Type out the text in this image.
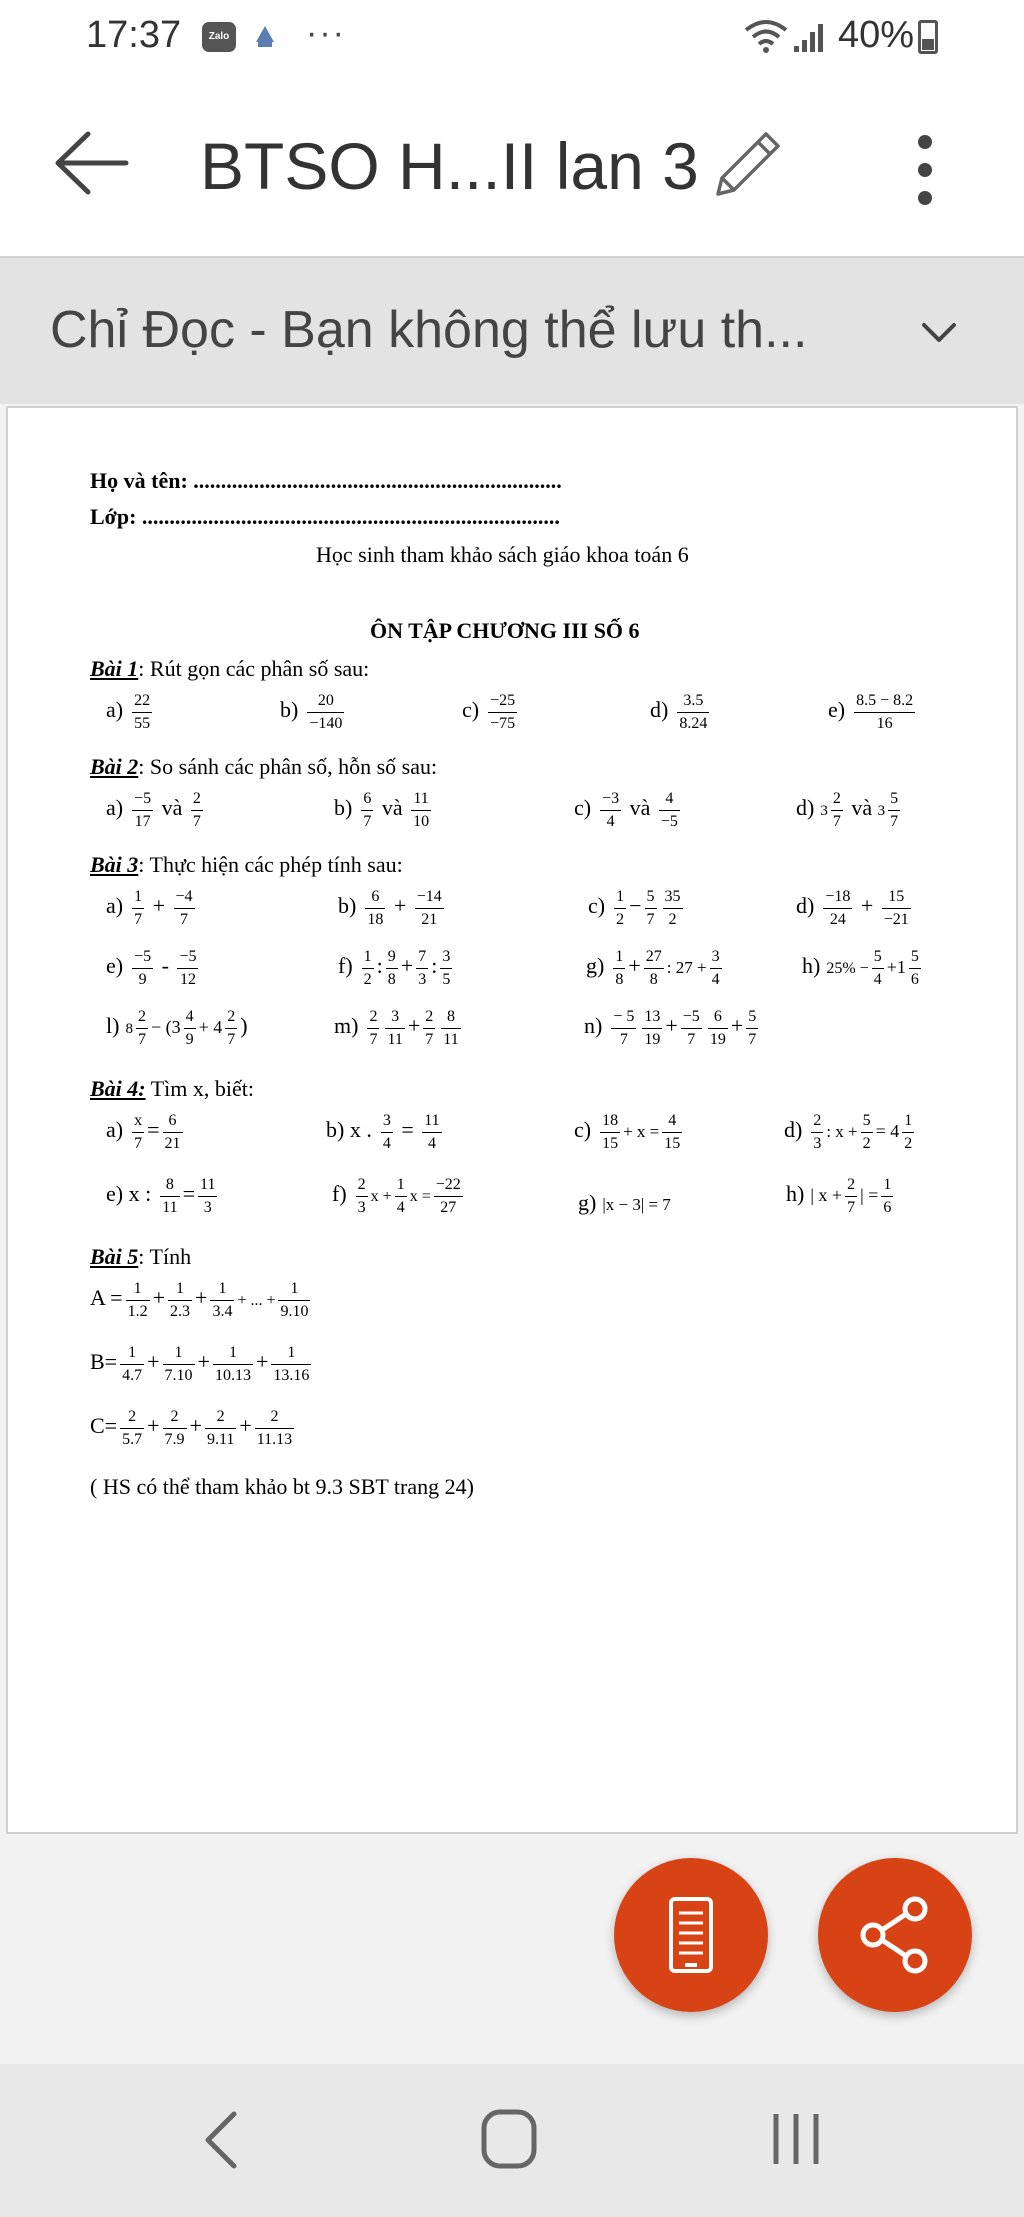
17:37	Zalo ···	40%
BTSO H...II lan 3
Chỉ Đọc - Bạn không thể lưu th...
Họ và tên: ...................................................................
Lớp: ............................................................................
Học sinh tham khảo sách giáo khoa toán 6
ÔN TẬP CHƯƠNG III SỐ 6
Bài 1: Rút gọn các phân số sau:
$a) \frac{22}{55}$	$b) \frac{20}{-140}$	$c) \frac{-25}{-75}$	$d) \frac{3.5}{8.24}$	$e) \frac{8.5 - 8.2}{16}$
Bài 2: So sánh các phân số, hỗn số sau:
$a) \frac{-5}{17}$ và $\frac{2}{7}$	$b) \frac{6}{7}$ và $\frac{11}{10}$	$c) \frac{-3}{4}$ và $\frac{4}{-5}$	d) $3 \frac{2}{7}$ và $3 \frac{5}{7}$
Bài 3: Thực hiện các phép tính sau:
$a) \frac{1}{7} + \frac{-4}{7}$	$b) \frac{6}{18} + \frac{-14}{21}$	$c) \frac{1}{2} - \frac{5}{7} \frac{35}{2}$	$d) \frac{-18}{24} + \frac{15}{-21}$
$e) \frac{-5}{9} - \frac{-5}{12}$	$f) \frac{1}{2}$ : $\frac{9}{8} + \frac{7}{3}$ : $\frac{3}{5}$	$g) \frac{1}{8} + \frac{27}{8}$ : $27 + \frac{3}{4}$	h) $25\% - \frac{5}{4} +1 \frac{5}{6}$
l) $8 \frac{2}{7} - (3 \frac{4}{9} + 4 \frac{2}{7}$ )	$m) \frac{2}{7} \frac{3}{11} + \frac{2}{7} \frac{8}{11}$	$n) \frac{- 5}{7} \frac{13}{19} + \frac{-5}{7} \frac{6}{19} + \frac{5}{7}$
Bài 4: Tìm x, biết:
$a) \frac{x}{7} = \frac{6}{21}$	b) x . $\frac{3}{4} = \frac{11}{4}$	$c) \frac{18}{15} + x = \frac{4}{15}$	$d) \frac{2}{3}$ : $x + \frac{5}{2} = 4 \frac{1}{2}$
e) x : $\frac{8}{11} = \frac{11}{3}$	$f) \frac{2}{3}$ $x + \frac{1}{4}$ $x = \frac{-22}{27}$	g) |x − 3| = 7	h) | $x + \frac{2}{7}$ | = $\frac{1}{6}$
Bài 5: Tính
$A = \frac{1}{1.2} + \frac{1}{2.3} + \frac{1}{3.4}$ + ... + $\frac{1}{9.10}$
$B= \frac{1}{4.7} + \frac{1}{7.10} + \frac{1}{10.13} + \frac{1}{13.16}$
$C= \frac{2}{5.7} + \frac{2}{7.9} + \frac{2}{9.11} + \frac{2}{11.13}$
( HS có thể tham khảo bt 9.3 SBT trang 24)
